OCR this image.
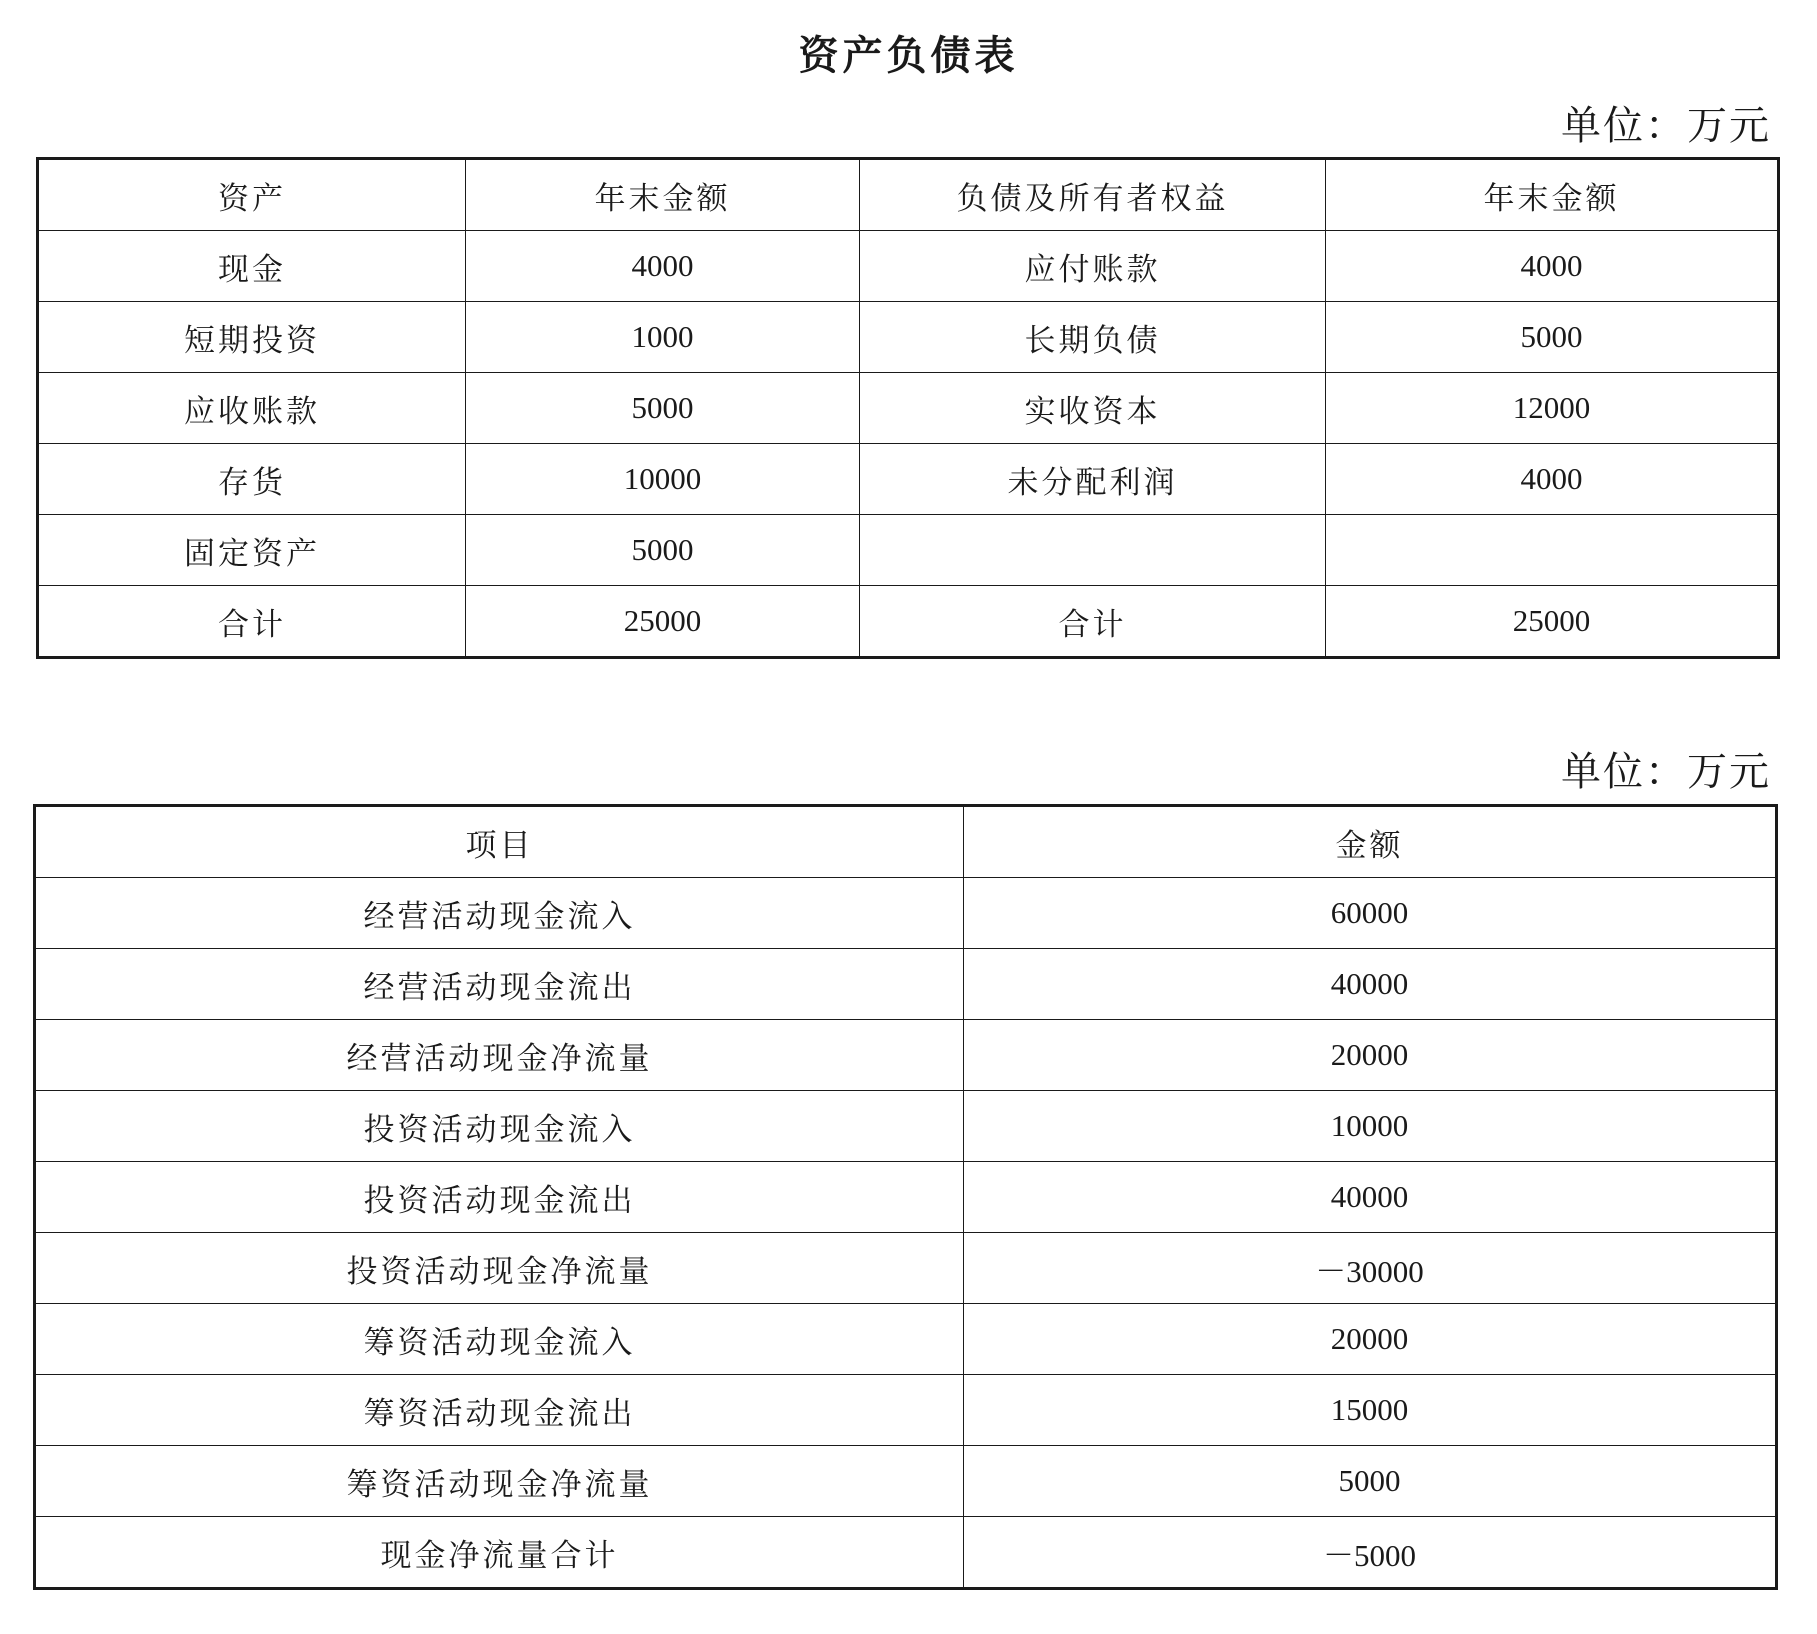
资产负债表
单位：万元
资产	年末金额	负债及所有者权益	年末金额
现金	4000	应付账款	4000
短期投资	1000	长期负债	5000
应收账款	5000	实收资本	12000
存货	10000	未分配利润	4000
固定资产	5000		
合计	25000	合计	25000
单位：万元
项目	金额
经营活动现金流入	60000
经营活动现金流出	40000
经营活动现金净流量	20000
投资活动现金流入	10000
投资活动现金流出	40000
投资活动现金净流量	－30000
筹资活动现金流入	20000
筹资活动现金流出	15000
筹资活动现金净流量	5000
现金净流量合计	－5000
